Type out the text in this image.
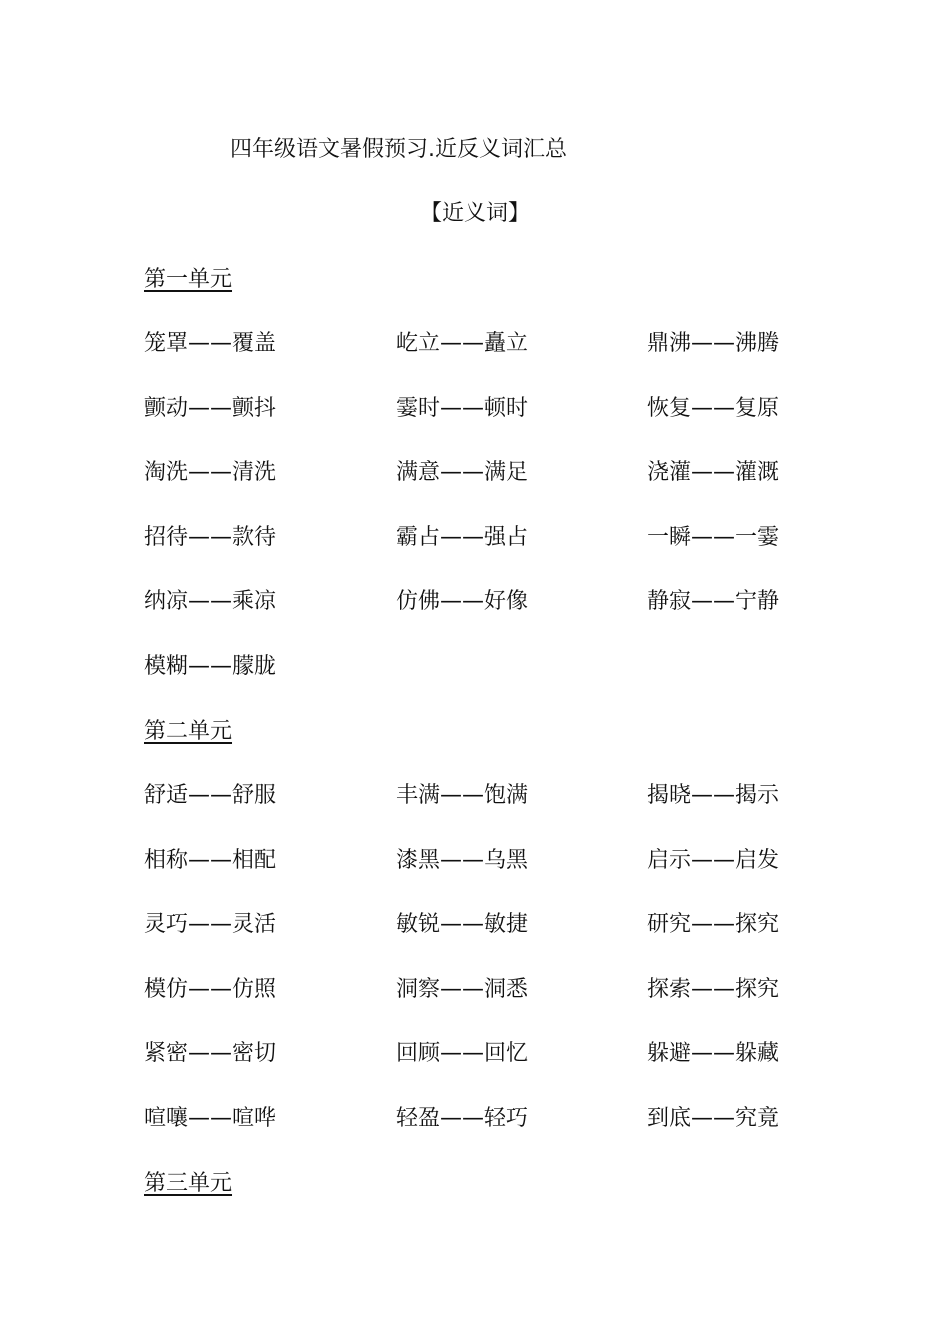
四年级语文暑假预习.近反义词汇总
【近义词】
第一单元
笼罩——覆盖	屹立——矗立	鼎沸——沸腾
颤动——颤抖	霎时——顿时	恢复——复原
淘洗——清洗	满意——满足	浇灌——灌溉
招待——款待	霸占——强占	一瞬——一霎
纳凉——乘凉	仿佛——好像	静寂——宁静
模糊——朦胧
第二单元
舒适——舒服	丰满——饱满	揭晓——揭示
相称——相配	漆黑——乌黑	启示——启发
灵巧——灵活	敏锐——敏捷	研究——探究
模仿——仿照	洞察——洞悉	探索——探究
紧密——密切	回顾——回忆	躲避——躲藏
喧嚷——喧哗	轻盈——轻巧	到底——究竟
第三单元
